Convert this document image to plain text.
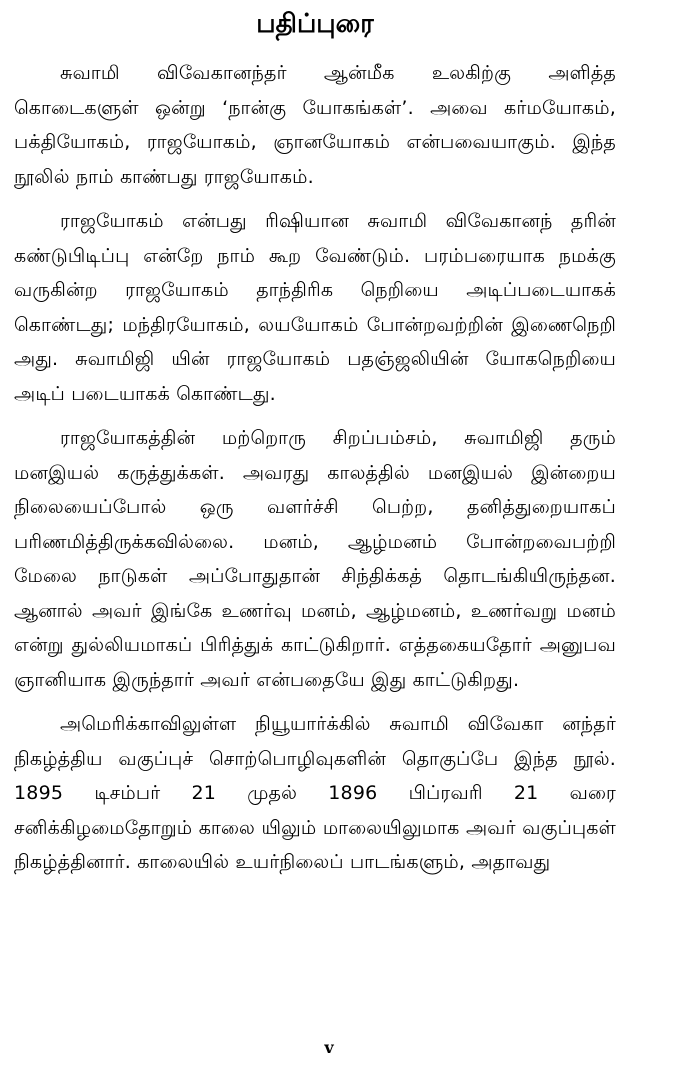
பதிப்புரை

சுவாமி விவேகானந்தர் ஆன்மீக உலகிற்கு அளித்த கொடைகளுள் ஒன்று ‘நான்கு யோகங்கள்’. அவை கர்மயோகம், பக்தியோகம், ராஜயோகம், ஞானயோகம் என்பவையாகும். இந்த நூலில் நாம் காண்பது ராஜயோகம்.

ராஜயோகம் என்பது ரிஷியான சுவாமி விவேகானந் தரின் கண்டுபிடிப்பு என்றே நாம் கூற வேண்டும். பரம்பரையாக நமக்கு வருகின்ற ராஜயோகம் தாந்திரிக நெறியை அடிப்படையாகக் கொண்டது; மந்திரயோகம், லயயோகம் போன்றவற்றின் இணைநெறி அது. சுவாமிஜி யின் ராஜயோகம் பதஞ்ஜலியின் யோகநெறியை அடிப் படையாகக் கொண்டது.

ராஜயோகத்தின் மற்றொரு சிறப்பம்சம், சுவாமிஜி தரும் மனஇயல் கருத்துக்கள். அவரது காலத்தில் மனஇயல் இன்றைய நிலையைப்போல் ஒரு வளர்ச்சி பெற்ற, தனித்துறையாகப் பரிணமித்திருக்கவில்லை. மனம், ஆழ்மனம் போன்றவைபற்றி மேலை நாடுகள் அப்போதுதான் சிந்திக்கத் தொடங்கியிருந்தன. ஆனால் அவர் இங்கே உணர்வு மனம், ஆழ்மனம், உணர்வறு மனம் என்று துல்லியமாகப் பிரித்துக் காட்டுகிறார். எத்தகையதோர் அனுபவ ஞானியாக இருந்தார் அவர் என்பதையே இது காட்டுகிறது.

அமெரிக்காவிலுள்ள நியூயார்க்கில் சுவாமி விவேகா னந்தர் நிகழ்த்திய வகுப்புச் சொற்பொழிவுகளின் தொகுப்பே இந்த நூல். 1895 டிசம்பர் 21 முதல் 1896 பிப்ரவரி 21 வரை சனிக்கிழமைதோறும் காலை யிலும் மாலையிலுமாக அவர் வகுப்புகள் நிகழ்த்தினார். காலையில் உயர்நிலைப் பாடங்களும், அதாவது

v
